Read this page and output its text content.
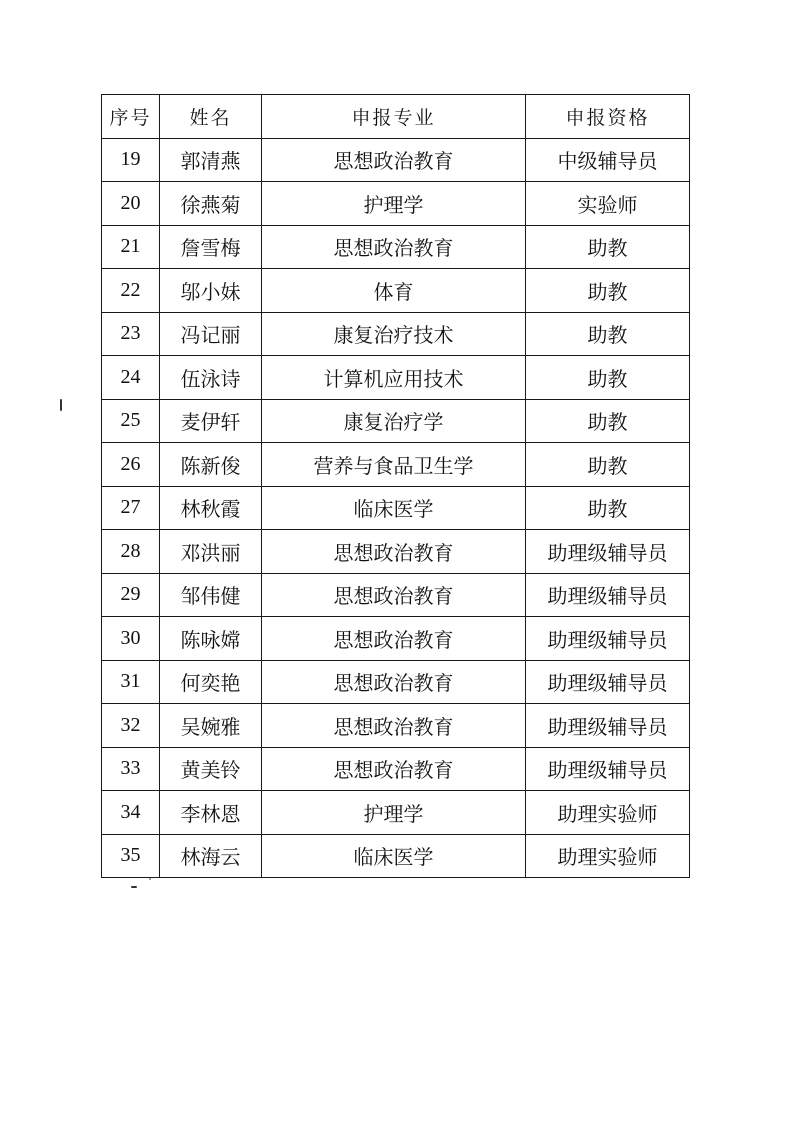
序号	姓名	申报专业	申报资格
19	郭清燕	思想政治教育	中级辅导员
20	徐燕菊	护理学	实验师
21	詹雪梅	思想政治教育	助教
22	邬小妹	体育	助教
23	冯记丽	康复治疗技术	助教
24	伍泳诗	计算机应用技术	助教
25	麦伊轩	康复治疗学	助教
26	陈新俊	营养与食品卫生学	助教
27	林秋霞	临床医学	助教
28	邓洪丽	思想政治教育	助理级辅导员
29	邹伟健	思想政治教育	助理级辅导员
30	陈咏嫦	思想政治教育	助理级辅导员
31	何奕艳	思想政治教育	助理级辅导员
32	吴婉雅	思想政治教育	助理级辅导员
33	黄美铃	思想政治教育	助理级辅导员
34	李林恩	护理学	助理实验师
35	林海云	临床医学	助理实验师
